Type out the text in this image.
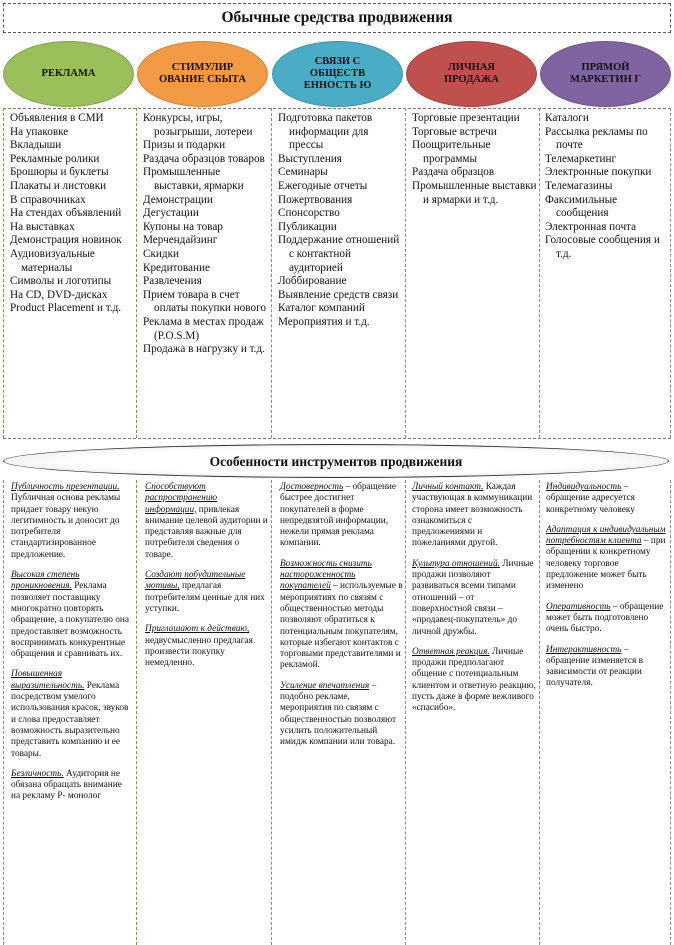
Обычные средства продвижения
РЕКЛАМА
СТИМУЛИР ОВАНИЕ СБЫТА
СВЯЗИ С ОБЩЕСТВ ЕННОСТЬ Ю
ЛИЧНАЯ ПРОДАЖА
ПРЯМОЙ МАРКЕТИН Г
Объявления в СМИ
На упаковке
Вкладыши
Рекламные ролики
Брошюры и буклеты
Плакаты и листовки
В справочниках
На стендах объявлений
На выставках
Демонстрация новинок
Аудиовизуальные материалы
Символы и логотипы
На CD, DVD-дисках
Product Placement и т.д.
Конкурсы, игры, розыгрыши, лотереи
Призы и подарки
Раздача образцов товаров
Промышленные выставки, ярмарки
Демонстрации
Дегустации
Купоны на товар
Мерчендайзинг
Скидки
Кредитование
Развлечения
Прием товара в счет оплаты покупки нового
Реклама в местах продаж (P.O.S.M)
Продажа в нагрузку и т.д.
Подготовка пакетов информации для прессы
Выступления
Семинары
Ежегодные отчеты
Пожертвования
Спонсорство
Публикации
Поддержание отношений с контактной аудиторией
Лоббирование
Выявление средств связи
Каталог компаний
Мероприятия и т.д.
Торговые презентации
Торговые встречи
Поощрительные программы
Раздача образцов
Промышленные выставки и ярмарки и т.д.
Каталоги
Рассылка рекламы по почте
Телемаркетинг
Электронные покупки
Телемагазины
Факсимильные сообщения
Электронная почта
Голосовые сообщения и т.д.
Особенности инструментов продвижения
Публичность презентации. Публичная основа рекламы придает товару некую легитимность и доносит до потребителя стандартизированное предложение.
Высокая степень проникновения. Реклама позволяет поставщику многократно повторять обращение, а покупателю она предоставляет возможность воспринимать конкурентные обращения и сравнивать их.
Повышенная выразительность. Реклама посредством умелого использования красок, звуков и слова предоставляет возможность выразительно представить компанию и ее товары.
Безличность. Аудитория не обязана обращать внимание на рекламу Р- монолог
Способствуют распространению информации, привлекая внимание целевой аудитории и представляя важные для потребителя сведения о товаре.
Создают побудительные мотивы, предлагая потребителям ценные для них уступки.
Приглашают к действию, недвусмысленно предлагая произвести покупку немедленно.
Достоверность – обращение быстрее достигнет покупателей в форме непредвзятой информации, нежели прямая реклама компании.
Возможность снизить настороженность покупателей – используемые в мероприятиях по связям с общественностью методы позволяют обратиться к потенциальным покупателям, которые избегают контактов с торговыми представителями и рекламой.
Усиление впечатления – подобно рекламе, мероприятия по связям с общественностью позволяют усилить положительный имидж компании или товара.
Личный контакт. Каждая участвующая в коммуникации сторона имеет возможность ознакомиться с предложениями и пожеланиями другой.
Культура отношений. Личные продажи позволяют развиваться всеми типами отношений – от поверхностной связи – «продавец-покупатель» до личной дружбы.
Ответная реакция. Личные продажи предполагают общение с потенциальным клиентом и ответную реакцию, пусть даже в форме вежливого «спасибо».
Индивидуальность – обращение адресуется конкретному человеку
Адаптация к индивидуальным потребностям клиента – при обращении к конкретному человеку торговое предложение может быть изменено
Оперативность – обращение может быть подготовлено очень быстро.
Интерактивность – обращение изменяется в зависимости от реакции получателя.
